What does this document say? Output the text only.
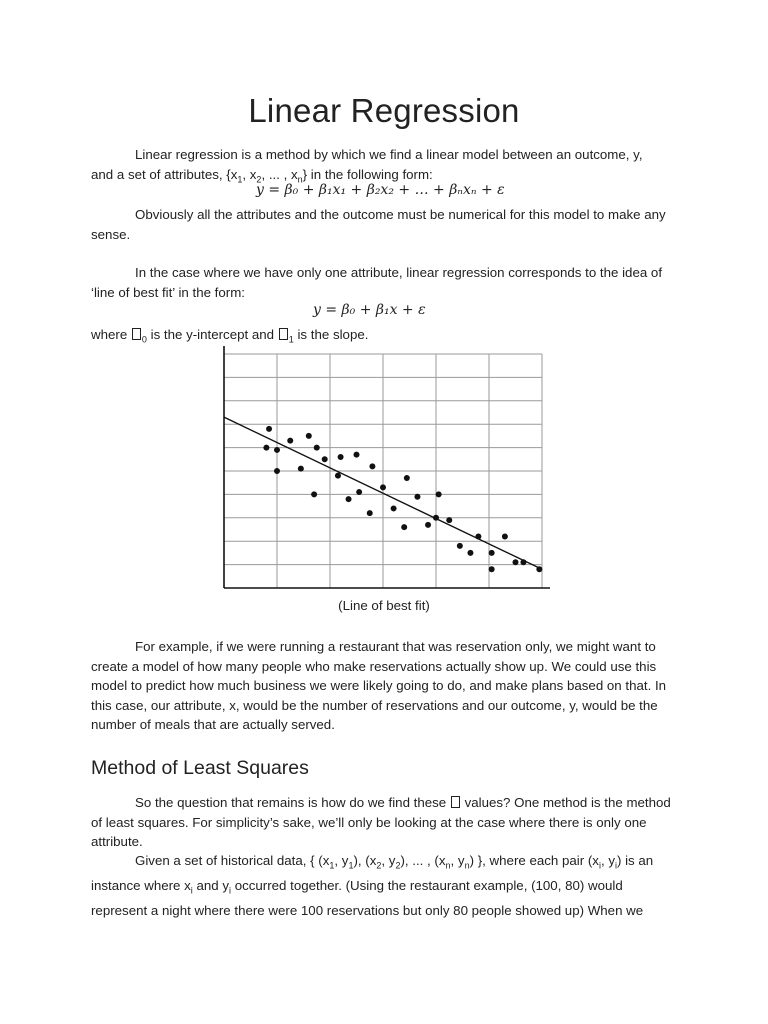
Linear Regression

Linear regression is a method by which we find a linear model between an outcome, y,
and a set of attributes, {$x_1$, $x_2$, ... , $x_n$} in the following form:

y = β₀ + β₁x₁ + β₂x₂ + … + βₙxₙ + ε

Obviously all the attributes and the outcome must be numerical for this model to make any sense.

In the case where we have only one attribute, linear regression corresponds to the idea of ‘line of best fit’ in the form:

y = β₀ + β₁x + ε

where $_0$ is the y-intercept and $_1$ is the slope.

(Line of best fit)

For example, if we were running a restaurant that was reservation only, we might want to create a model of how many people who make reservations actually show up. We could use this model to predict how much business we were likely going to do, and make plans based on that. In this case, our attribute, x, would be the number of reservations and our outcome, y, would be the number of meals that are actually served.

Method of Least Squares

So the question that remains is how do we find these  values? One method is the method of least squares. For simplicity’s sake, we’ll only be looking at the case where there is only one attribute.

Given a set of historical data, { ($x_1$, $y_1$), ($x_2$, $y_2$), ... , ($x_n$, $y_n$) }, where each pair ($x_i$, $y_i$) is an instance where $x_i$ and $y_i$ occurred together. (Using the restaurant example, (100, 80) would represent a night where there were 100 reservations but only 80 people showed up) When we
